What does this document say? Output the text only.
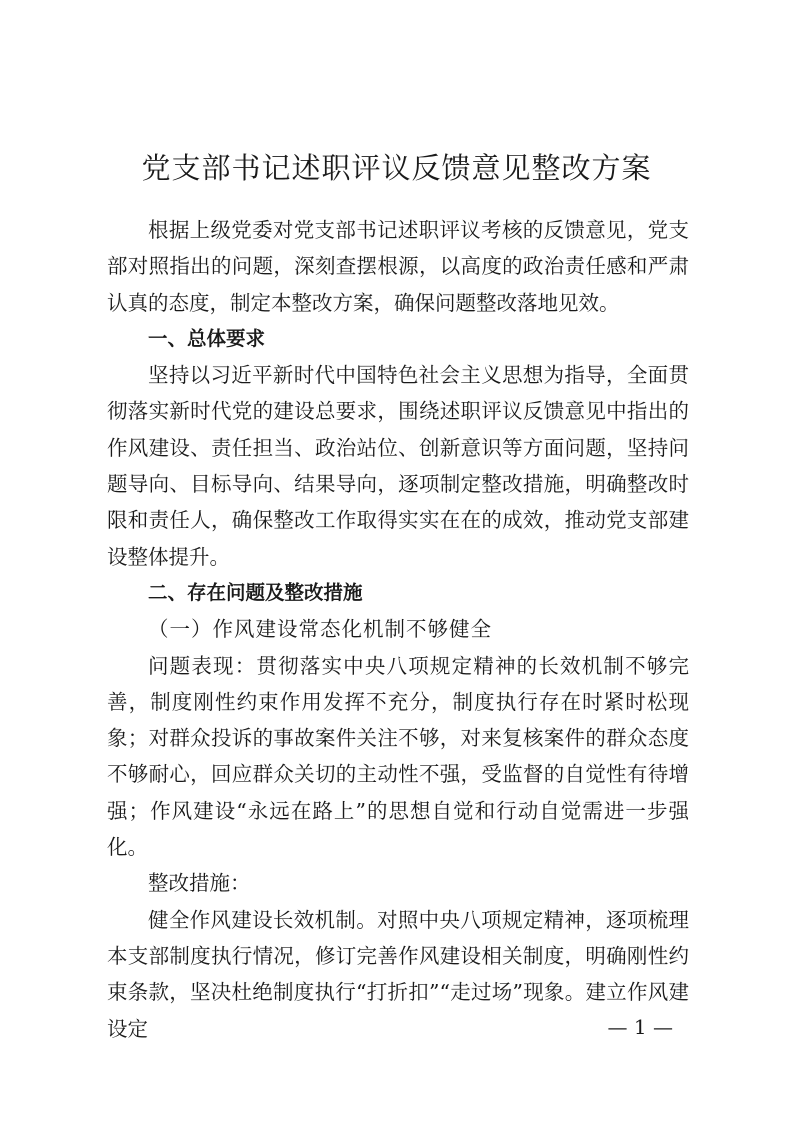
党支部书记述职评议反馈意见整改方案

根据上级党委对党支部书记述职评议考核的反馈意见，党支部对照指出的问题，深刻查摆根源，以高度的政治责任感和严肃认真的态度，制定本整改方案，确保问题整改落地见效。

一、总体要求

坚持以习近平新时代中国特色社会主义思想为指导，全面贯彻落实新时代党的建设总要求，围绕述职评议反馈意见中指出的作风建设、责任担当、政治站位、创新意识等方面问题，坚持问题导向、目标导向、结果导向，逐项制定整改措施，明确整改时限和责任人，确保整改工作取得实实在在的成效，推动党支部建设整体提升。

二、存在问题及整改措施

（一）作风建设常态化机制不够健全

问题表现：贯彻落实中央八项规定精神的长效机制不够完善，制度刚性约束作用发挥不充分，制度执行存在时紧时松现象；对群众投诉的事故案件关注不够，对来复核案件的群众态度不够耐心，回应群众关切的主动性不强，受监督的自觉性有待增强；作风建设“永远在路上”的思想自觉和行动自觉需进一步强化。

整改措施：

健全作风建设长效机制。对照中央八项规定精神，逐项梳理本支部制度执行情况，修订完善作风建设相关制度，明确刚性约束条款，坚决杜绝制度执行“打折扣”“走过场”现象。建立作风建设定	— 1 —
